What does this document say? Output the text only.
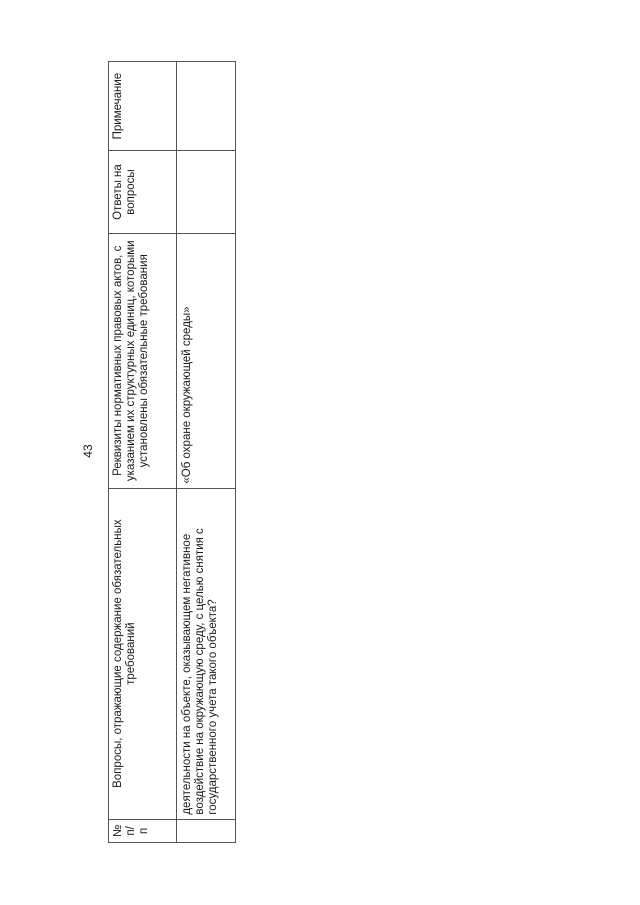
43
№ п/п	Вопросы, отражающие содержание обязательных требований	Реквизиты нормативных правовых актов, с указанием их структурных единиц, которыми установлены обязательные требования	Ответы на вопросы	Примечание
	деятельности на объекте, оказывающем негативное воздействие на окружающую среду, с целью снятия с государственного учета такого объекта?	«Об охране окружающей среды»		
